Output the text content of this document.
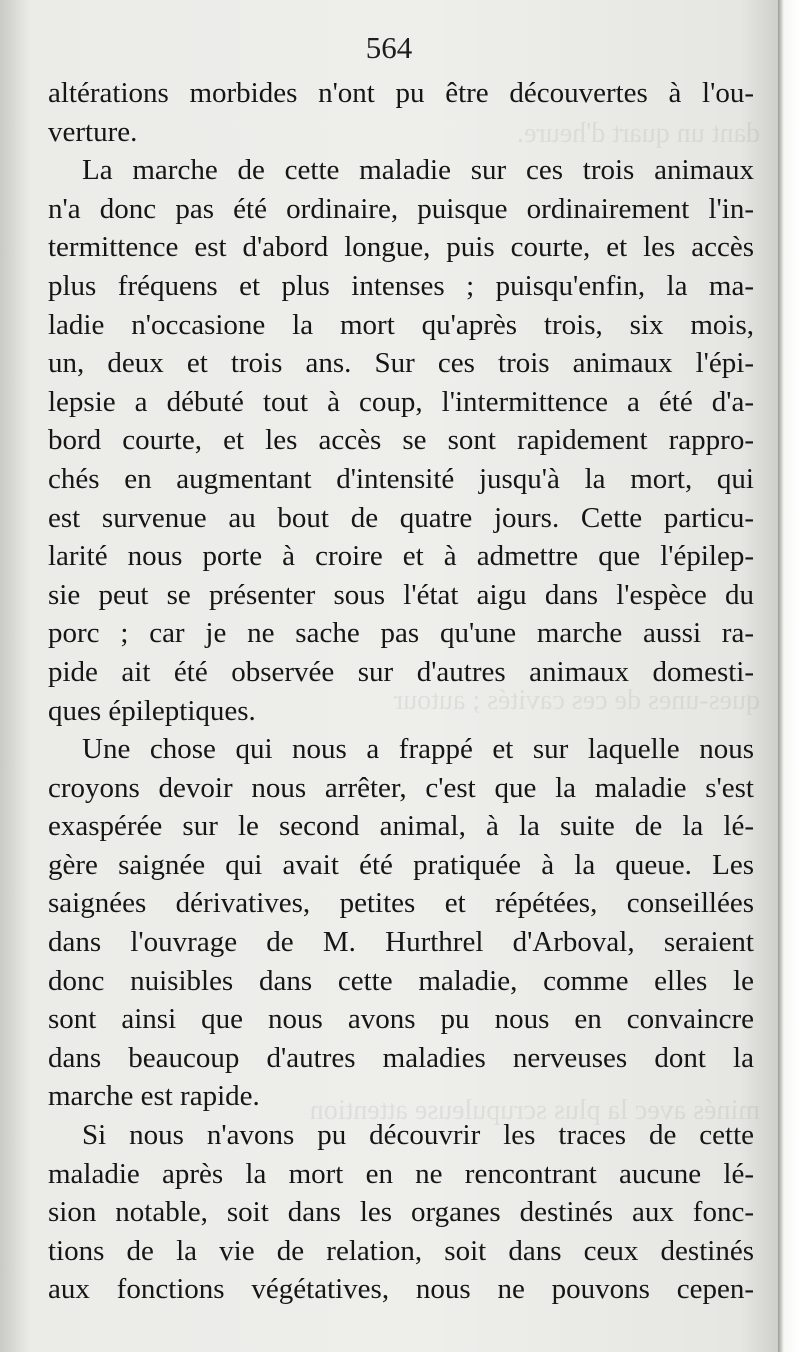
dant un quart d'heure.
ques-unes de ces cavités ; autour
minés avec la plus scrupuleuse attention
564
altérations morbides n'ont pu être découvertes à l'ou-
verture.
La marche de cette maladie sur ces trois animaux
n'a donc pas été ordinaire, puisque ordinairement l'in-
termittence est d'abord longue, puis courte, et les accès
plus fréquens et plus intenses ; puisqu'enfin, la ma-
ladie n'occasione la mort qu'après trois, six mois,
un, deux et trois ans. Sur ces trois animaux l'épi-
lepsie a débuté tout à coup, l'intermittence a été d'a-
bord courte, et les accès se sont rapidement rappro-
chés en augmentant d'intensité jusqu'à la mort, qui
est survenue au bout de quatre jours. Cette particu-
larité nous porte à croire et à admettre que l'épilep-
sie peut se présenter sous l'état aigu dans l'espèce du
porc ; car je ne sache pas qu'une marche aussi ra-
pide ait été observée sur d'autres animaux domesti-
ques épileptiques.
Une chose qui nous a frappé et sur laquelle nous
croyons devoir nous arrêter, c'est que la maladie s'est
exaspérée sur le second animal, à la suite de la lé-
gère saignée qui avait été pratiquée à la queue. Les
saignées dérivatives, petites et répétées, conseillées
dans l'ouvrage de M. Hurthrel d'Arboval, seraient
donc nuisibles dans cette maladie, comme elles le
sont ainsi que nous avons pu nous en convaincre
dans beaucoup d'autres maladies nerveuses dont la
marche est rapide.
Si nous n'avons pu découvrir les traces de cette
maladie après la mort en ne rencontrant aucune lé-
sion notable, soit dans les organes destinés aux fonc-
tions de la vie de relation, soit dans ceux destinés
aux fonctions végétatives, nous ne pouvons cepen-
